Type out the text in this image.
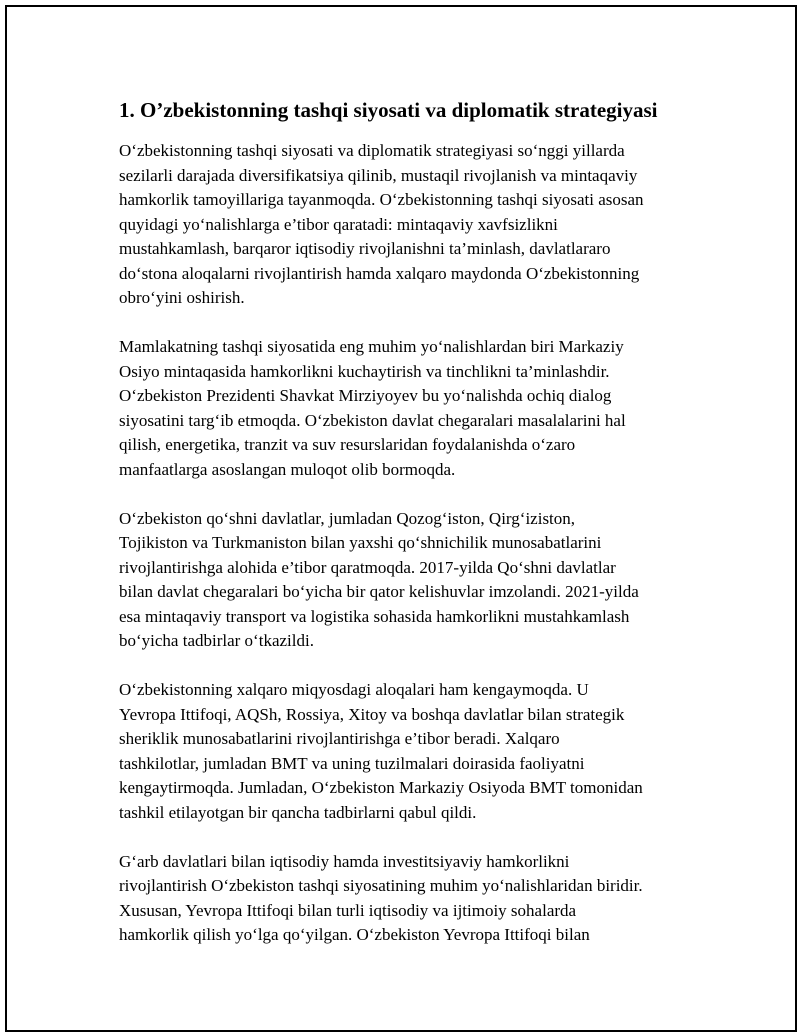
1. O’zbekistonning tashqi siyosati va diplomatik strategiyasi
O‘zbekistonning tashqi siyosati va diplomatik strategiyasi so‘nggi yillarda
sezilarli darajada diversifikatsiya qilinib, mustaqil rivojlanish va mintaqaviy
hamkorlik tamoyillariga tayanmoqda. O‘zbekistonning tashqi siyosati asosan
quyidagi yo‘nalishlarga e’tibor qaratadi: mintaqaviy xavfsizlikni
mustahkamlash, barqaror iqtisodiy rivojlanishni ta’minlash, davlatlararo
do‘stona aloqalarni rivojlantirish hamda xalqaro maydonda O‘zbekistonning
obro‘yini oshirish.
Mamlakatning tashqi siyosatida eng muhim yo‘nalishlardan biri Markaziy
Osiyo mintaqasida hamkorlikni kuchaytirish va tinchlikni ta’minlashdir.
O‘zbekiston Prezidenti Shavkat Mirziyoyev bu yo‘nalishda ochiq dialog
siyosatini targ‘ib etmoqda. O‘zbekiston davlat chegaralari masalalarini hal
qilish, energetika, tranzit va suv resurslaridan foydalanishda o‘zaro
manfaatlarga asoslangan muloqot olib bormoqda.
O‘zbekiston qo‘shni davlatlar, jumladan Qozog‘iston, Qirg‘iziston,
Tojikiston va Turkmaniston bilan yaxshi qo‘shnichilik munosabatlarini
rivojlantirishga alohida e’tibor qaratmoqda. 2017-yilda Qo‘shni davlatlar
bilan davlat chegaralari bo‘yicha bir qator kelishuvlar imzolandi. 2021-yilda
esa mintaqaviy transport va logistika sohasida hamkorlikni mustahkamlash
bo‘yicha tadbirlar o‘tkazildi.
O‘zbekistonning xalqaro miqyosdagi aloqalari ham kengaymoqda. U
Yevropa Ittifoqi, AQSh, Rossiya, Xitoy va boshqa davlatlar bilan strategik
sheriklik munosabatlarini rivojlantirishga e’tibor beradi. Xalqaro
tashkilotlar, jumladan BMT va uning tuzilmalari doirasida faoliyatni
kengaytirmoqda. Jumladan, O‘zbekiston Markaziy Osiyoda BMT tomonidan
tashkil etilayotgan bir qancha tadbirlarni qabul qildi.
G‘arb davlatlari bilan iqtisodiy hamda investitsiyaviy hamkorlikni
rivojlantirish O‘zbekiston tashqi siyosatining muhim yo‘nalishlaridan biridir.
Xususan, Yevropa Ittifoqi bilan turli iqtisodiy va ijtimoiy sohalarda
hamkorlik qilish yo‘lga qo‘yilgan. O‘zbekiston Yevropa Ittifoqi bilan
